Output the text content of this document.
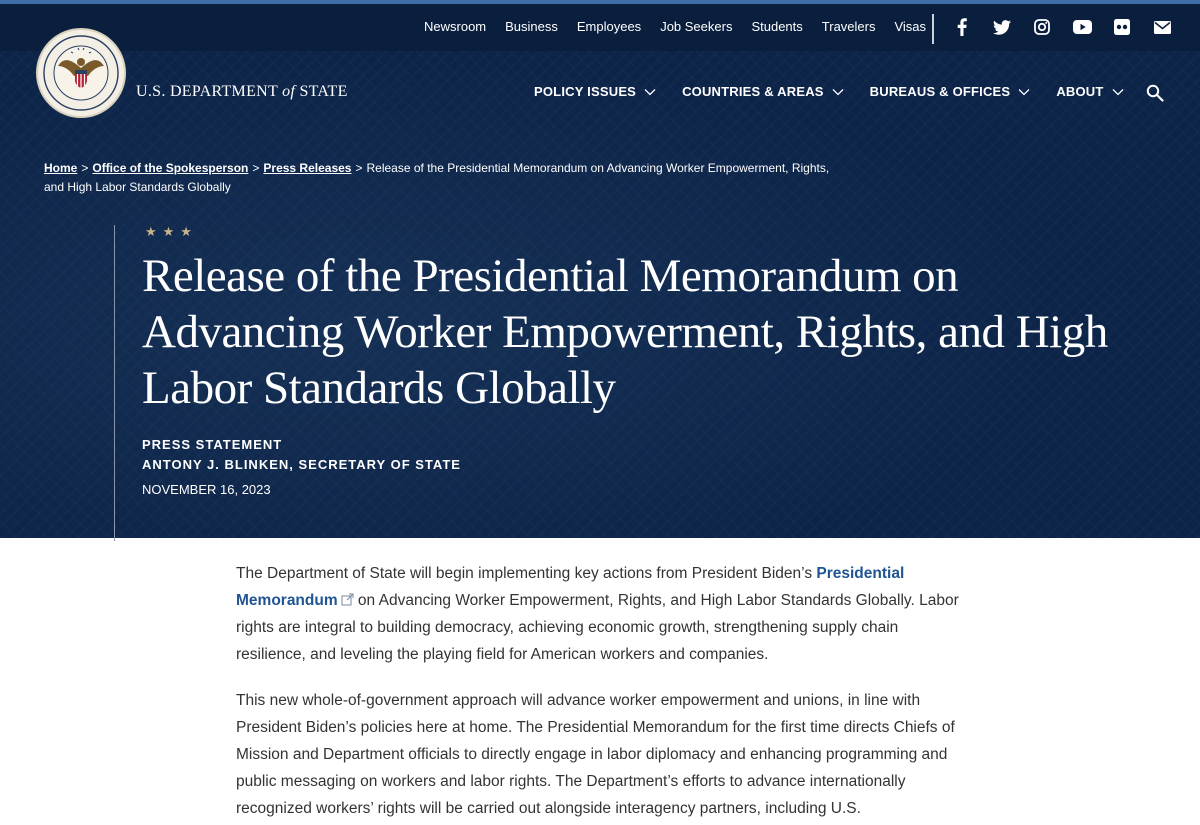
Newsroom Business Employees Job Seekers Students Travelers Visas
U.S. DEPARTMENT of STATE	POLICY ISSUES	COUNTRIES & AREAS	BUREAUS & OFFICES	ABOUT
Home > Office of the Spokesperson > Press Releases > Release of the Presidential Memorandum on Advancing Worker Empowerment, Rights, and High Labor Standards Globally
★★★
Release of the Presidential Memorandum on Advancing Worker Empowerment, Rights, and High Labor Standards Globally
PRESS STATEMENT
ANTONY J. BLINKEN, SECRETARY OF STATE
NOVEMBER 16, 2023

The Department of State will begin implementing key actions from President Biden’s Presidential Memorandum on Advancing Worker Empowerment, Rights, and High Labor Standards Globally. Labor rights are integral to building democracy, achieving economic growth, strengthening supply chain resilience, and leveling the playing field for American workers and companies.

This new whole-of-government approach will advance worker empowerment and unions, in line with President Biden’s policies here at home. The Presidential Memorandum for the first time directs Chiefs of Mission and Department officials to directly engage in labor diplomacy and enhancing programming and public messaging on workers and labor rights. The Department’s efforts to advance internationally recognized workers’ rights will be carried out alongside interagency partners, including U.S.
